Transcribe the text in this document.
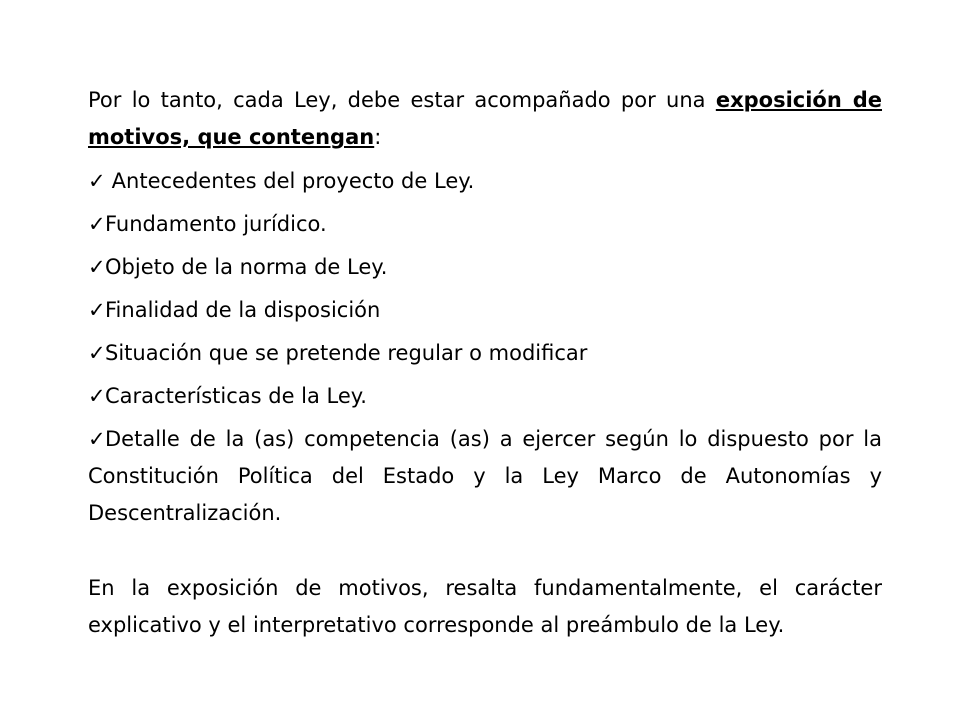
Por lo tanto, cada Ley, debe estar acompañado por una exposición de motivos, que contengan:

✓ Antecedentes del proyecto de Ley.
✓Fundamento jurídico.
✓Objeto de la norma de Ley.
✓Finalidad de la disposición
✓Situación que se pretende regular o modificar
✓Características de la Ley.
✓Detalle de la (as) competencia (as) a ejercer según lo dispuesto por la Constitución Política del Estado y la Ley Marco de Autonomías y Descentralización.

En la exposición de motivos, resalta fundamentalmente, el carácter explicativo y el interpretativo corresponde al preámbulo de la Ley.
